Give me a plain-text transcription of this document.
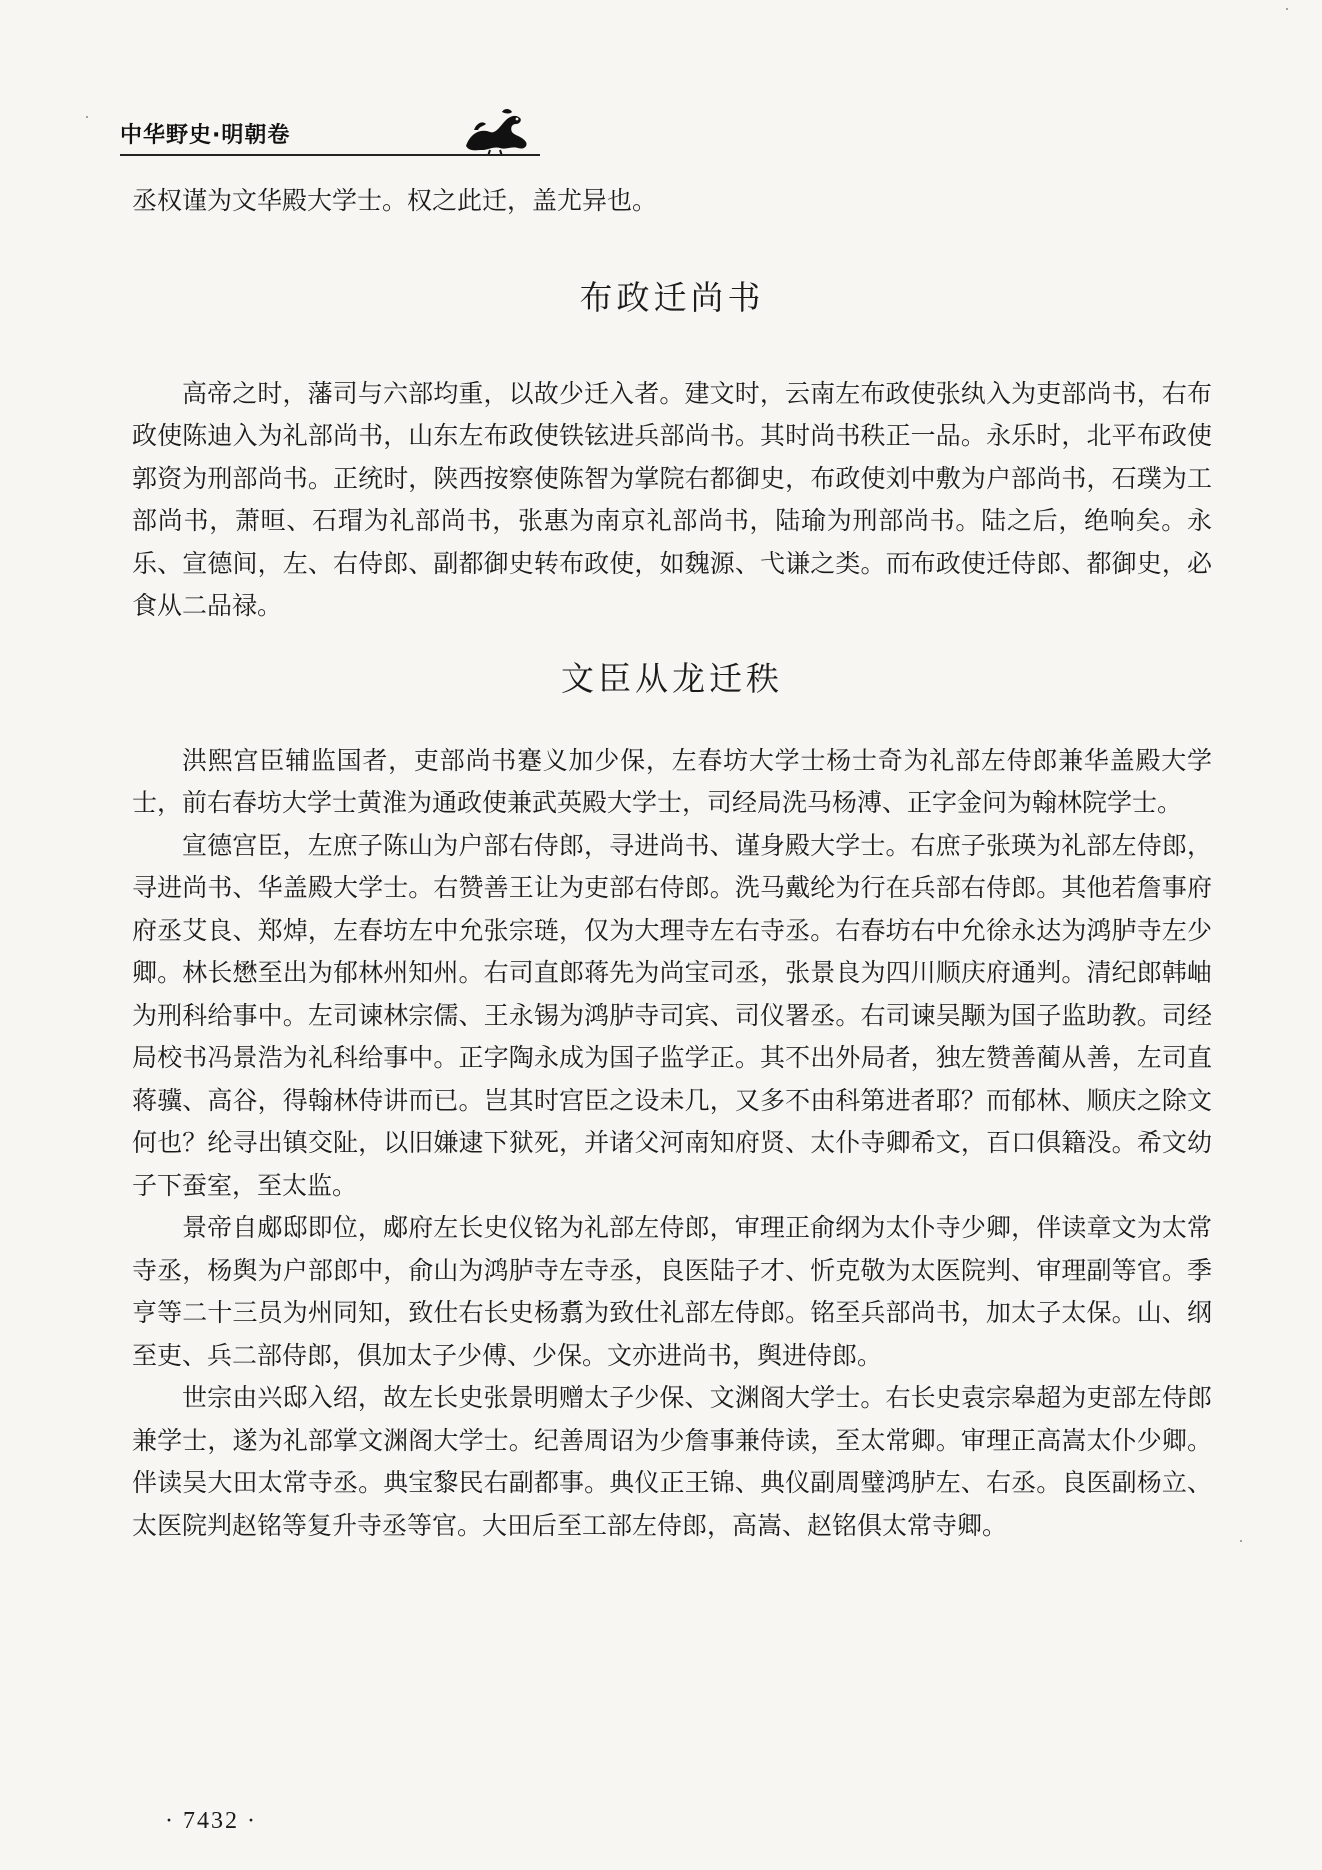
中华野史·明朝卷

丞权谨为文华殿大学士。权之此迁，盖尤异也。

布政迁尚书

高帝之时，藩司与六部均重，以故少迁入者。建文时，云南左布政使张纨入为吏部尚书，右布政使陈迪入为礼部尚书，山东左布政使铁铉进兵部尚书。其时尚书秩正一品。永乐时，北平布政使郭资为刑部尚书。正统时，陕西按察使陈智为掌院右都御史，布政使刘中敷为户部尚书，石璞为工部尚书，萧晅、石瑁为礼部尚书，张惠为南京礼部尚书，陆瑜为刑部尚书。陆之后，绝响矣。永乐、宣德间，左、右侍郎、副都御史转布政使，如魏源、弋谦之类。而布政使迁侍郎、都御史，必食从二品禄。

文臣从龙迁秩

洪熙宫臣辅监国者，吏部尚书蹇义加少保，左春坊大学士杨士奇为礼部左侍郎兼华盖殿大学士，前右春坊大学士黄淮为通政使兼武英殿大学士，司经局洗马杨溥、正字金问为翰林院学士。

宣德宫臣，左庶子陈山为户部右侍郎，寻进尚书、谨身殿大学士。右庶子张瑛为礼部左侍郎，寻进尚书、华盖殿大学士。右赞善王让为吏部右侍郎。洗马戴纶为行在兵部右侍郎。其他若詹事府府丞艾良、郑焯，左春坊左中允张宗琏，仅为大理寺左右寺丞。右春坊右中允徐永达为鸿胪寺左少卿。林长懋至出为郁林州知州。右司直郎蒋先为尚宝司丞，张景良为四川顺庆府通判。清纪郎韩岫为刑科给事中。左司谏林宗儒、王永锡为鸿胪寺司宾、司仪署丞。右司谏吴颙为国子监助教。司经局校书冯景浩为礼科给事中。正字陶永成为国子监学正。其不出外局者，独左赞善蔺从善，左司直蒋骥、高谷，得翰林侍讲而已。岂其时宫臣之设未几，又多不由科第进者耶？而郁林、顺庆之除文何也？纶寻出镇交阯，以旧嫌逮下狱死，并诸父河南知府贤、太仆寺卿希文，百口俱籍没。希文幼子下蚕室，至太监。

景帝自郕邸即位，郕府左长史仪铭为礼部左侍郎，审理正俞纲为太仆寺少卿，伴读章文为太常寺丞，杨舆为户部郎中，俞山为鸿胪寺左寺丞，良医陆子才、忻克敬为太医院判、审理副等官。季亨等二十三员为州同知，致仕右长史杨翥为致仕礼部左侍郎。铭至兵部尚书，加太子太保。山、纲至吏、兵二部侍郎，俱加太子少傅、少保。文亦进尚书，舆进侍郎。

世宗由兴邸入绍，故左长史张景明赠太子少保、文渊阁大学士。右长史袁宗皋超为吏部左侍郎兼学士，遂为礼部掌文渊阁大学士。纪善周诏为少詹事兼侍读，至太常卿。审理正高嵩太仆少卿。伴读吴大田太常寺丞。典宝黎民右副都事。典仪正王锦、典仪副周璧鸿胪左、右丞。良医副杨立、太医院判赵铭等复升寺丞等官。大田后至工部左侍郎，高嵩、赵铭俱太常寺卿。

· 7432 ·
